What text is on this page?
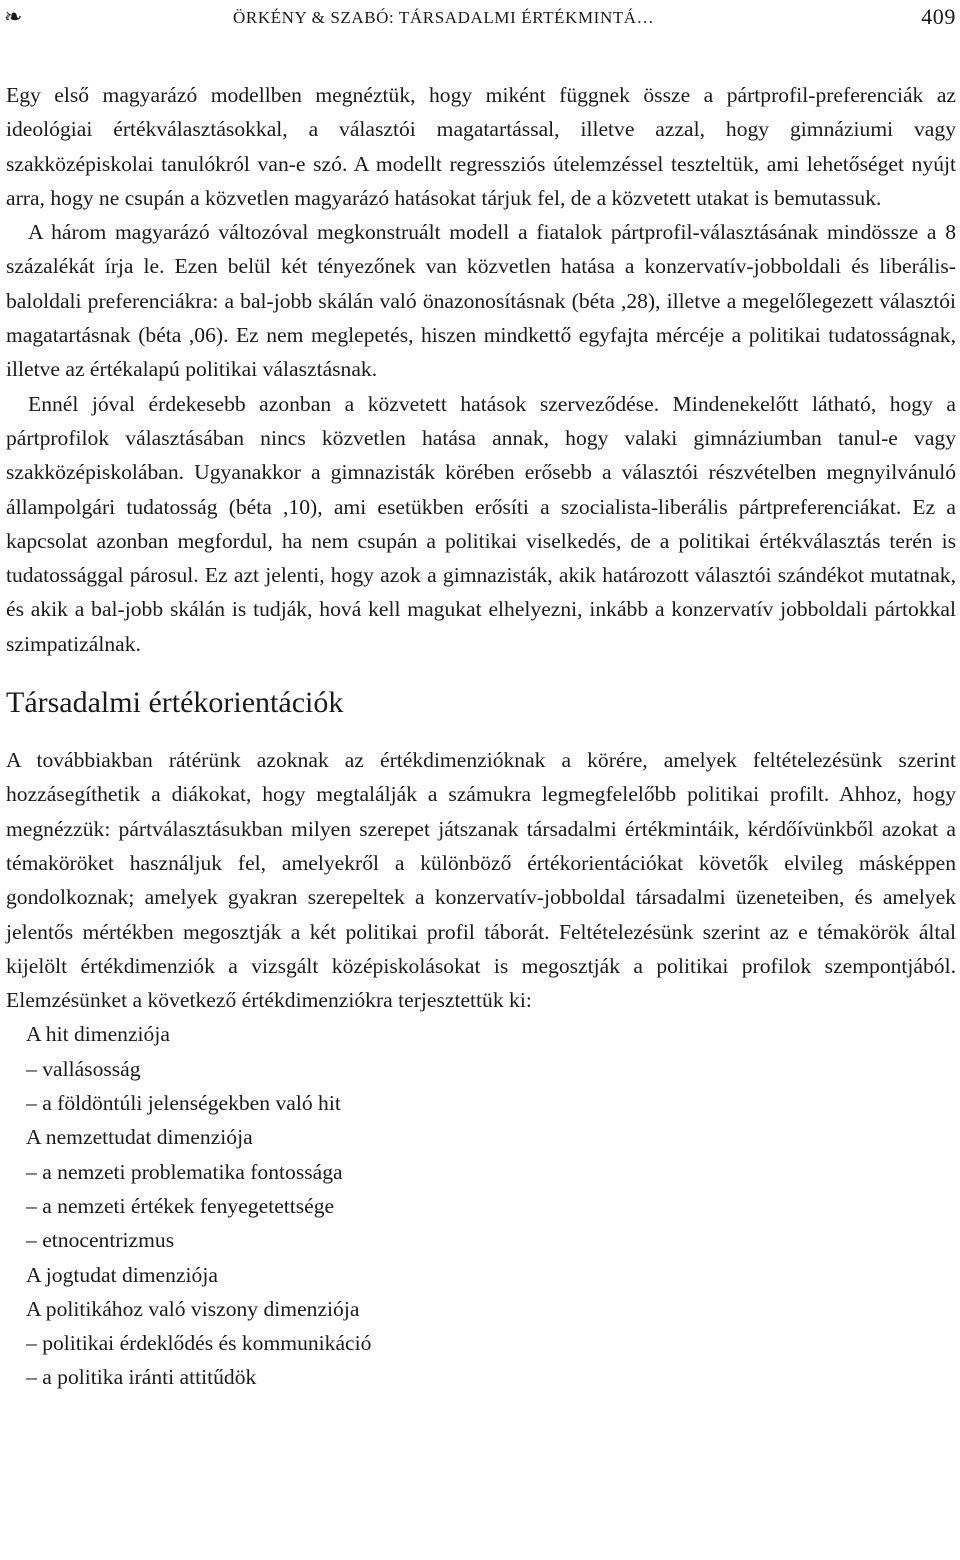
❧	ÖRKÉNY & SZABÓ: TÁRSADALMI ÉRTÉKMINTÁ…	409

Egy első magyarázó modellben megnéztük, hogy miként függnek össze a pártprofil-preferenciák az ideológiai értékválasztásokkal, a választói magatartással, illetve azzal, hogy gimnáziumi vagy szakközépiskolai tanulókról van-e szó. A modellt regressziós útelemzéssel teszteltük, ami lehetőséget nyújt arra, hogy ne csupán a közvetlen magyarázó hatásokat tárjuk fel, de a közvetett utakat is bemutassuk.

A három magyarázó változóval megkonstruált modell a fiatalok pártprofil-választásának mindössze a 8 százalékát írja le. Ezen belül két tényezőnek van közvetlen hatása a konzervatív-jobboldali és liberális-baloldali preferenciákra: a bal-jobb skálán való önazonosításnak (béta ,28), illetve a megelőlegezett választói magatartásnak (béta ,06). Ez nem meglepetés, hiszen mindkettő egyfajta mércéje a politikai tudatosságnak, illetve az értékalapú politikai választásnak.

Ennél jóval érdekesebb azonban a közvetett hatások szerveződése. Mindenekelőtt látható, hogy a pártprofilok választásában nincs közvetlen hatása annak, hogy valaki gimnáziumban tanul-e vagy szakközépiskolában. Ugyanakkor a gimnazisták körében erősebb a választói részvételben megnyilvánuló állampolgári tudatosság (béta ,10), ami esetükben erősíti a szocialista-liberális pártpreferenciákat. Ez a kapcsolat azonban megfordul, ha nem csupán a politikai viselkedés, de a politikai értékválasztás terén is tudatossággal párosul. Ez azt jelenti, hogy azok a gimnazisták, akik határozott választói szándékot mutatnak, és akik a bal-jobb skálán is tudják, hová kell magukat elhelyezni, inkább a konzervatív jobboldali pártokkal szimpatizálnak.

Társadalmi értékorientációk

A továbbiakban rátérünk azoknak az értékdimenzióknak a körére, amelyek feltételezésünk szerint hozzásegíthetik a diákokat, hogy megtalálják a számukra legmegfelelőbb politikai profilt. Ahhoz, hogy megnézzük: pártválasztásukban milyen szerepet játszanak társadalmi értékmintáik, kérdőívünkből azokat a témaköröket használjuk fel, amelyekről a különböző értékorientációkat követők elvileg másképpen gondolkoznak; amelyek gyakran szerepeltek a konzervatív-jobboldal társadalmi üzeneteiben, és amelyek jelentős mértékben megosztják a két politikai profil táborát. Feltételezésünk szerint az e témakörök által kijelölt értékdimenziók a vizsgált középiskolásokat is megosztják a politikai profilok szempontjából. Elemzésünket a következő értékdimenziókra terjesztettük ki:

A hit dimenziója
– vallásosság
– a földöntúli jelenségekben való hit
A nemzettudat dimenziója
– a nemzeti problematika fontossága
– a nemzeti értékek fenyegetettsége
– etnocentrizmus
A jogtudat dimenziója
A politikához való viszony dimenziója
– politikai érdeklődés és kommunikáció
– a politika iránti attitűdök
